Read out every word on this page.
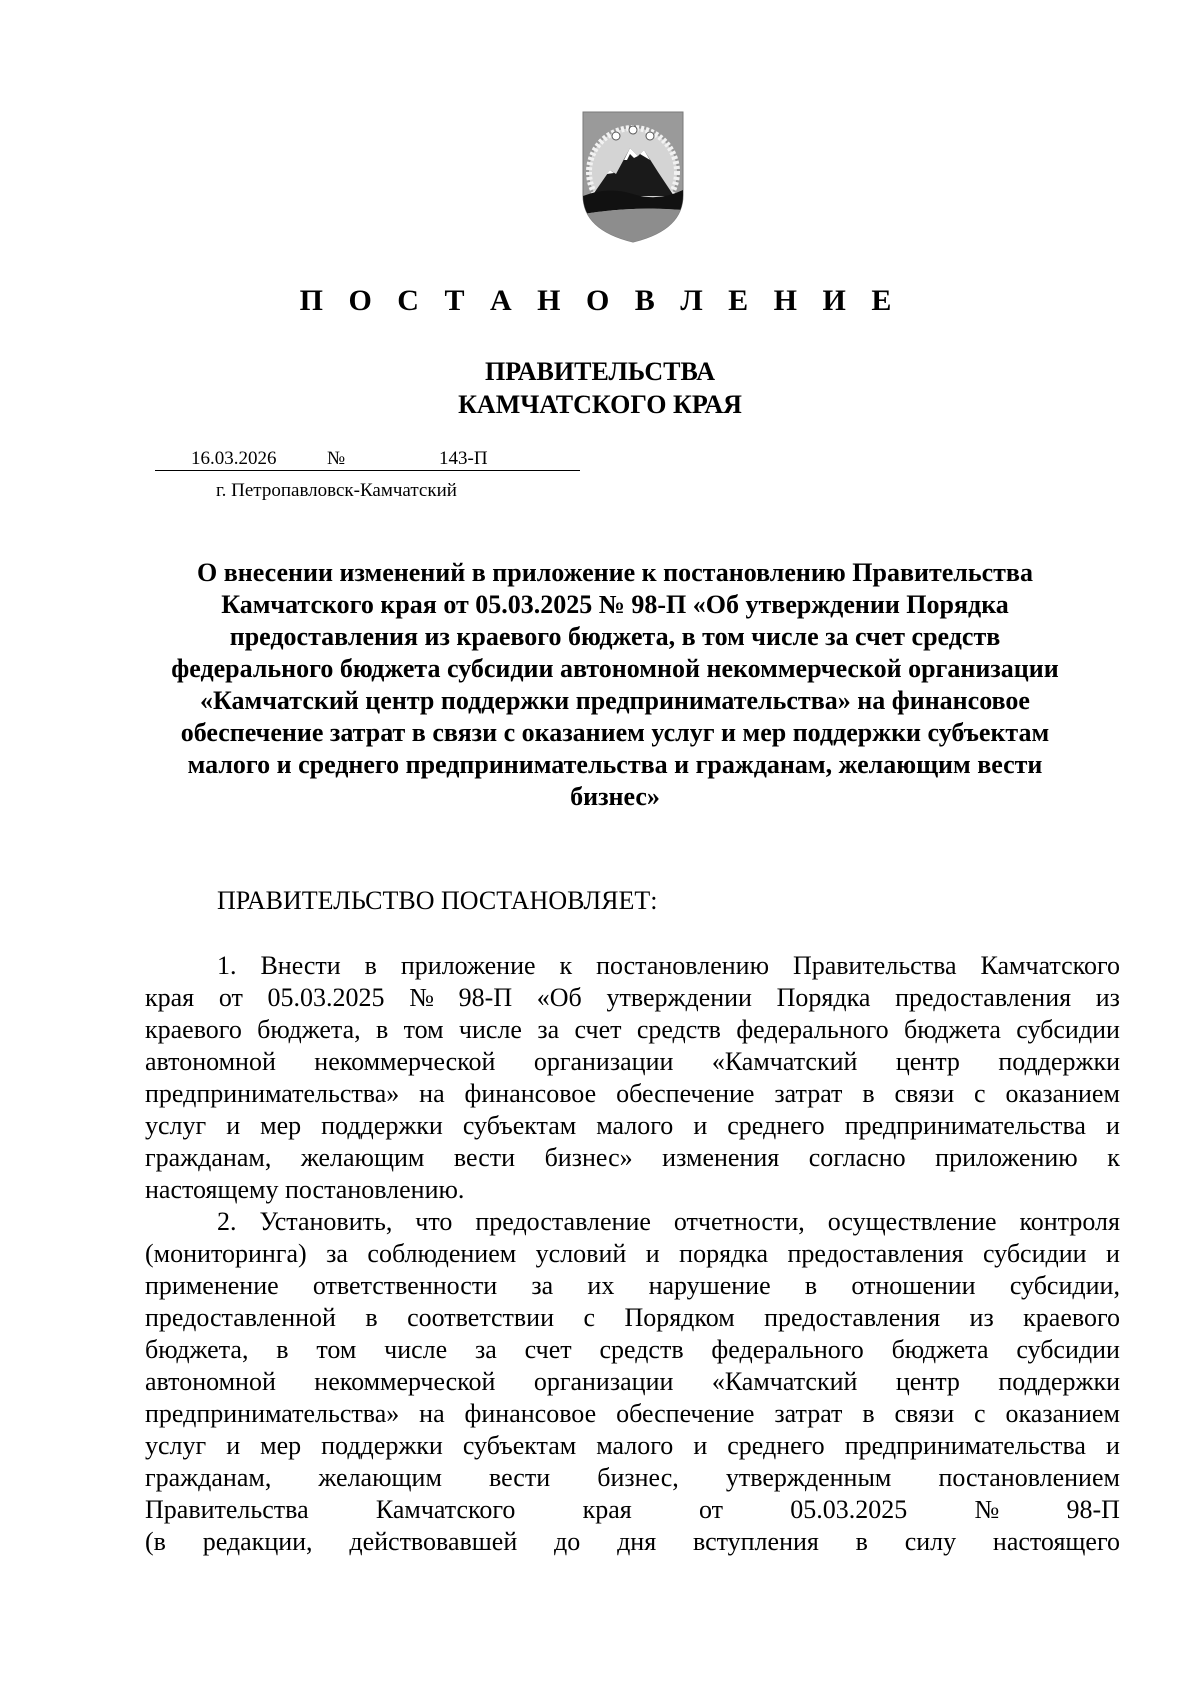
П О С Т А Н О В Л Е Н И Е
ПРАВИТЕЛЬСТВА
КАМЧАТСКОГО КРАЯ
16.03.2026	№	143-П
г. Петропавловск-Камчатский
О внесении изменений в приложение к постановлению Правительства
Камчатского края от 05.03.2025 № 98-П «Об утверждении Порядка
предоставления из краевого бюджета, в том числе за счет средств
федерального бюджета субсидии автономной некоммерческой организации
«Камчатский центр поддержки предпринимательства» на финансовое
обеспечение затрат в связи с оказанием услуг и мер поддержки субъектам
малого и среднего предпринимательства и гражданам, желающим вести
бизнес»
ПРАВИТЕЛЬСТВО ПОСТАНОВЛЯЕТ:
1. Внести в приложение к постановлению Правительства Камчатского
края от 05.03.2025 № 98-П «Об утверждении Порядка предоставления из
краевого бюджета, в том числе за счет средств федерального бюджета субсидии
автономной некоммерческой организации «Камчатский центр поддержки
предпринимательства» на финансовое обеспечение затрат в связи с оказанием
услуг и мер поддержки субъектам малого и среднего предпринимательства и
гражданам, желающим вести бизнес» изменения согласно приложению к
настоящему постановлению.
2. Установить, что предоставление отчетности, осуществление контроля
(мониторинга) за соблюдением условий и порядка предоставления субсидии и
применение ответственности за их нарушение в отношении субсидии,
предоставленной в соответствии с Порядком предоставления из краевого
бюджета, в том числе за счет средств федерального бюджета субсидии
автономной некоммерческой организации «Камчатский центр поддержки
предпринимательства» на финансовое обеспечение затрат в связи с оказанием
услуг и мер поддержки субъектам малого и среднего предпринимательства и
гражданам, желающим вести бизнес, утвержденным постановлением
Правительства	Камчатского	края	от	05.03.2025	№	98-П
(в редакции, действовавшей до дня вступления в силу настоящего
